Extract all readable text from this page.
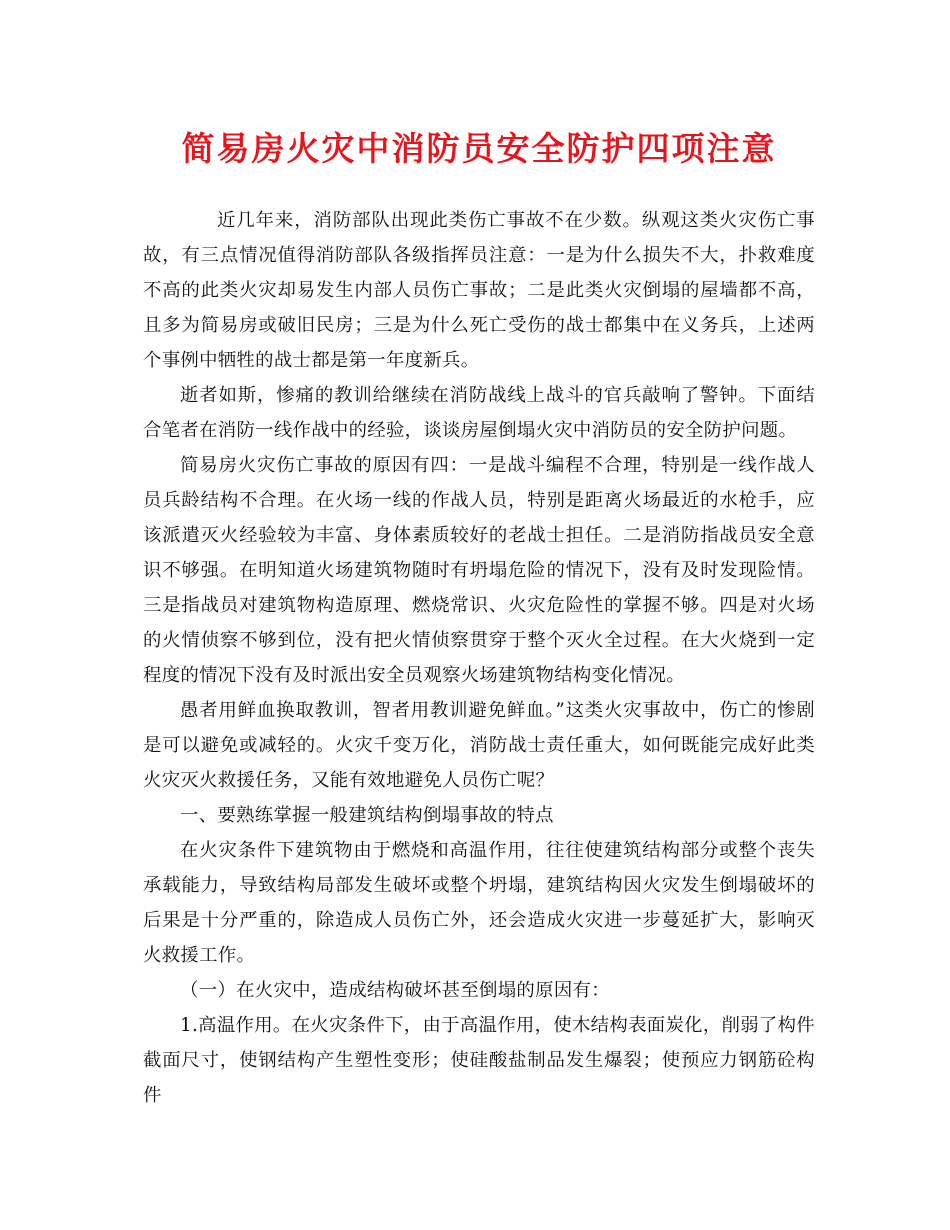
简易房火灾中消防员安全防护四项注意

近几年来，消防部队出现此类伤亡事故不在少数。纵观这类火灾伤亡事故，有三点情况值得消防部队各级指挥员注意：一是为什么损失不大，扑救难度不高的此类火灾却易发生内部人员伤亡事故；二是此类火灾倒塌的屋墙都不高，且多为简易房或破旧民房；三是为什么死亡受伤的战士都集中在义务兵，上述两个事例中牺牲的战士都是第一年度新兵。

逝者如斯，惨痛的教训给继续在消防战线上战斗的官兵敲响了警钟。下面结合笔者在消防一线作战中的经验，谈谈房屋倒塌火灾中消防员的安全防护问题。

简易房火灾伤亡事故的原因有四：一是战斗编程不合理，特别是一线作战人员兵龄结构不合理。在火场一线的作战人员，特别是距离火场最近的水枪手，应该派遣灭火经验较为丰富、身体素质较好的老战士担任。二是消防指战员安全意识不够强。在明知道火场建筑物随时有坍塌危险的情况下，没有及时发现险情。三是指战员对建筑物构造原理、燃烧常识、火灾危险性的掌握不够。四是对火场的火情侦察不够到位，没有把火情侦察贯穿于整个灭火全过程。在大火烧到一定程度的情况下没有及时派出安全员观察火场建筑物结构变化情况。

愚者用鲜血换取教训，智者用教训避免鲜血。”这类火灾事故中，伤亡的惨剧是可以避免或减轻的。火灾千变万化，消防战士责任重大，如何既能完成好此类火灾灭火救援任务，又能有效地避免人员伤亡呢？

一、要熟练掌握一般建筑结构倒塌事故的特点

在火灾条件下建筑物由于燃烧和高温作用，往往使建筑结构部分或整个丧失承载能力，导致结构局部发生破坏或整个坍塌，建筑结构因火灾发生倒塌破坏的后果是十分严重的，除造成人员伤亡外，还会造成火灾进一步蔓延扩大，影响灭火救援工作。

（一）在火灾中，造成结构破坏甚至倒塌的原因有：

1.高温作用。在火灾条件下，由于高温作用，使木结构表面炭化，削弱了构件截面尺寸，使钢结构产生塑性变形；使硅酸盐制品发生爆裂；使预应力钢筋砼构件
